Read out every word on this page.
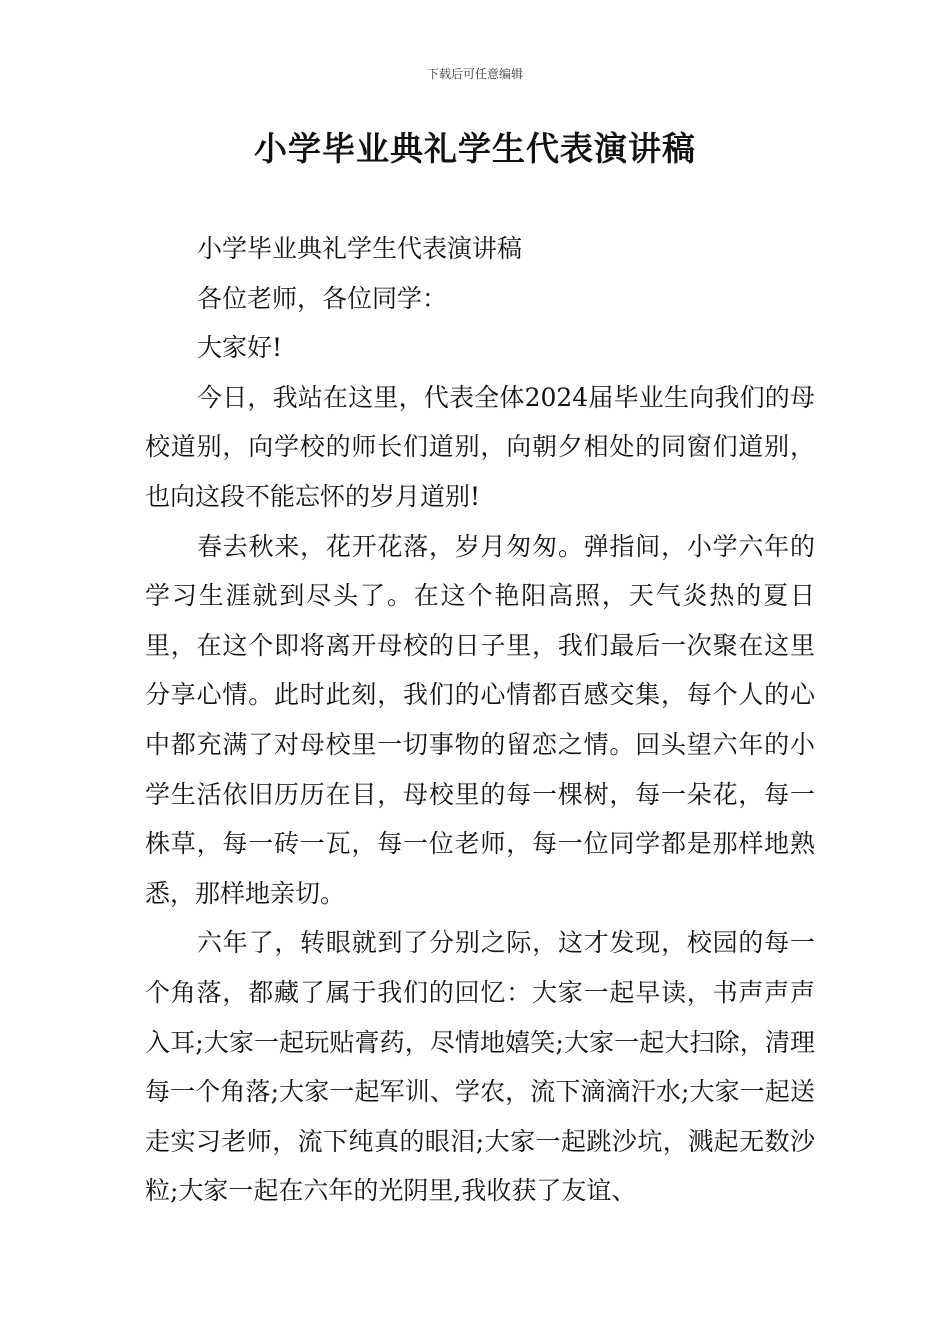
下载后可任意编辑
小学毕业典礼学生代表演讲稿

小学毕业典礼学生代表演讲稿

各位老师，各位同学：

大家好!

今日，我站在这里，代表全体2024届毕业生向我们的母校道别，向学校的师长们道别，向朝夕相处的同窗们道别，也向这段不能忘怀的岁月道别!

春去秋来，花开花落，岁月匆匆。弹指间，小学六年的学习生涯就到尽头了。在这个艳阳高照，天气炎热的夏日里，在这个即将离开母校的日子里，我们最后一次聚在这里分享心情。此时此刻，我们的心情都百感交集，每个人的心中都充满了对母校里一切事物的留恋之情。回头望六年的小学生活依旧历历在目，母校里的每一棵树，每一朵花，每一株草，每一砖一瓦，每一位老师，每一位同学都是那样地熟悉，那样地亲切。

六年了，转眼就到了分别之际，这才发现，校园的每一个角落，都藏了属于我们的回忆：大家一起早读，书声声声入耳;大家一起玩贴膏药，尽情地嬉笑;大家一起大扫除，清理每一个角落;大家一起军训、学农，流下滴滴汗水;大家一起送走实习老师，流下纯真的眼泪;大家一起跳沙坑，溅起无数沙粒;大家一起在六年的光阴里,我收获了友谊、
